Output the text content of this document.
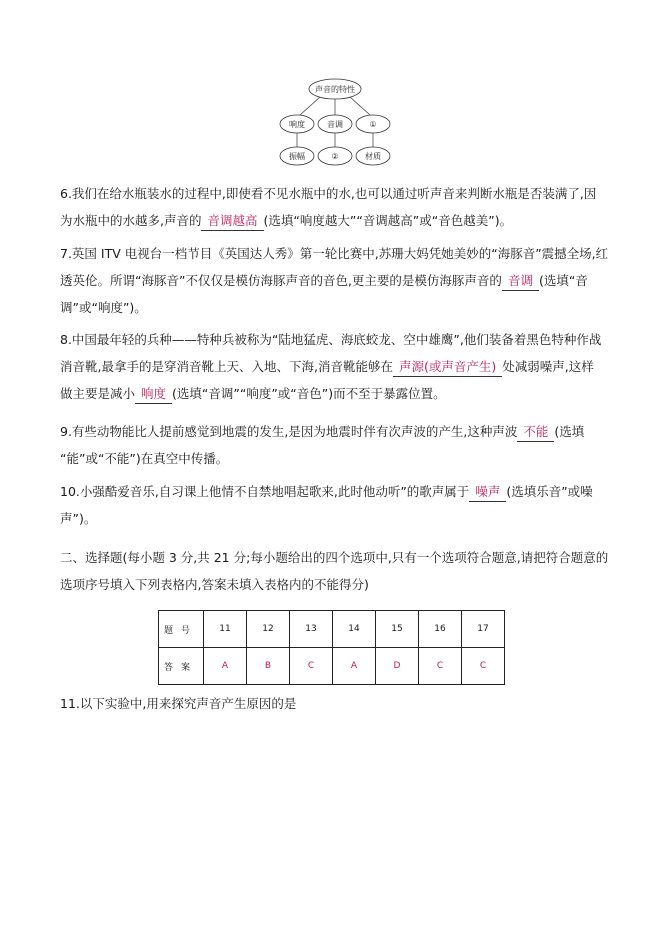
声音的特性
响度	音调	①
振幅	②	材质
6.我们在给水瓶装水的过程中,即使看不见水瓶中的水,也可以通过听声音来判断水瓶是否装满了,因
为水瓶中的水越多,声音的 音调越高 (选填“响度越大”“音调越高”或“音色越美”)。
7.英国 ITV 电视台一档节目《英国达人秀》第一轮比赛中,苏珊大妈凭她美妙的“海豚音”震撼全场,红
透英伦。所谓“海豚音”不仅仅是模仿海豚声音的音色,更主要的是模仿海豚声音的 音调 (选填“音
调”或“响度”)。
8.中国最年轻的兵种——特种兵被称为“陆地猛虎、海底蛟龙、空中雄鹰”,他们装备着黑色特种作战
消音靴,最拿手的是穿消音靴上天、入地、下海,消音靴能够在 声源(或声音产生) 处减弱噪声,这样
做主要是减小 响度 (选填“音调”“响度”或“音色”)而不至于暴露位置。
9.有些动物能比人提前感觉到地震的发生,是因为地震时伴有次声波的产生,这种声波 不能 (选填
“能”或“不能”)在真空中传播。
10.小强酷爱音乐,自习课上他情不自禁地唱起歌来,此时他动听”的歌声属于 噪声 (选填乐音”或噪
声”)。
二、选择题(每小题 3 分,共 21 分;每小题给出的四个选项中,只有一个选项符合题意,请把符合题意的
选项序号填入下列表格内,答案未填入表格内的不能得分)
题号	11	12	13	14	15	16	17
答案	A	B	C	A	D	C	C
11.以下实验中,用来探究声音产生原因的是
